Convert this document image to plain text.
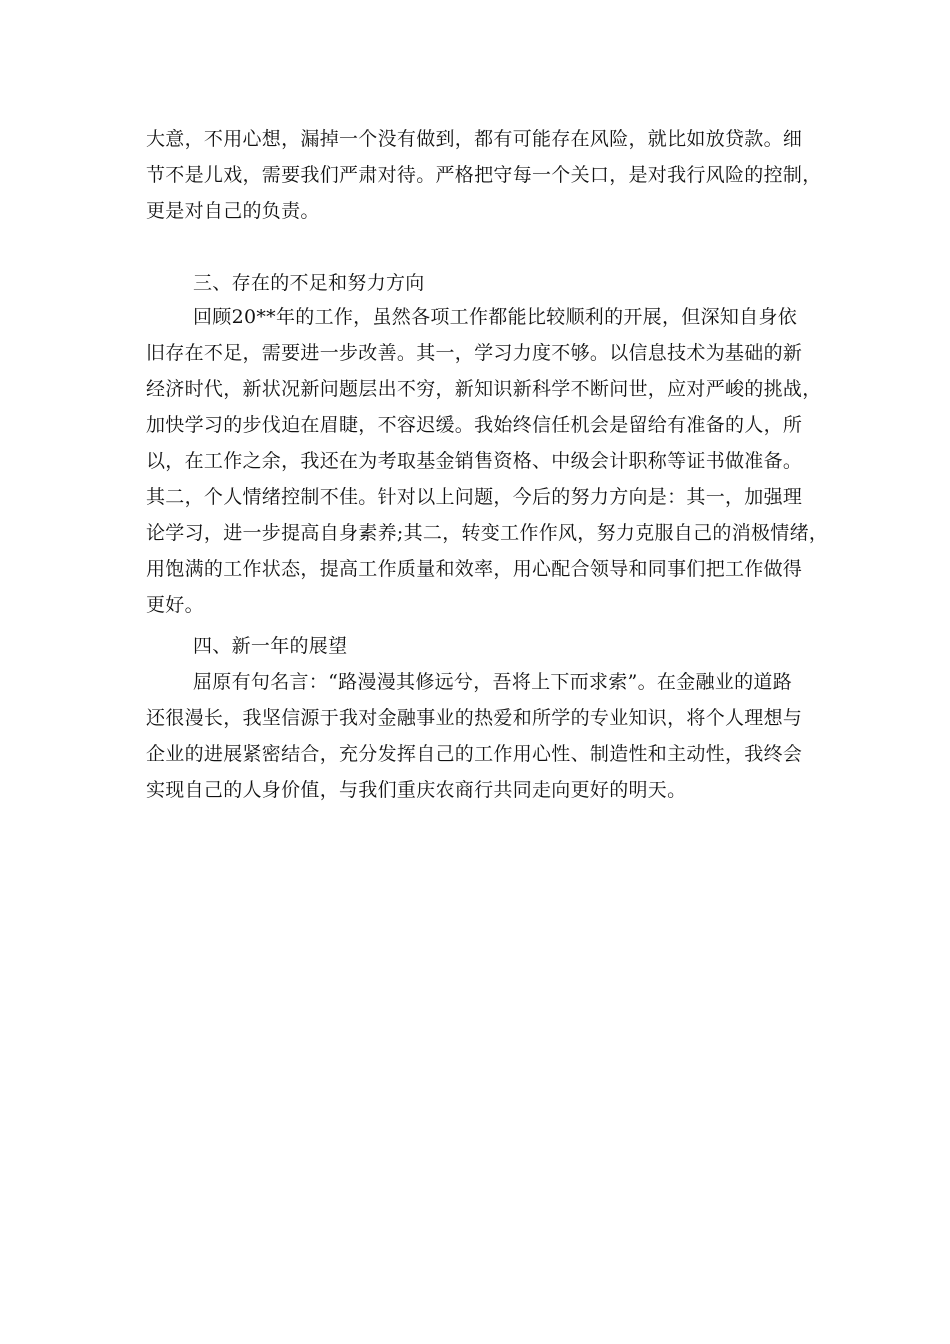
大意，不用心想，漏掉一个没有做到，都有可能存在风险，就比如放贷款。细
节不是儿戏，需要我们严肃对待。严格把守每一个关口，是对我行风险的控制，
更是对自己的负责。
三、存在的不足和努力方向
回顾20**年的工作，虽然各项工作都能比较顺利的开展，但深知自身依
旧存在不足，需要进一步改善。其一，学习力度不够。以信息技术为基础的新
经济时代，新状况新问题层出不穷，新知识新科学不断问世，应对严峻的挑战，
加快学习的步伐迫在眉睫，不容迟缓。我始终信任机会是留给有准备的人，所
以，在工作之余，我还在为考取基金销售资格、中级会计职称等证书做准备。
其二，个人情绪控制不佳。针对以上问题，今后的努力方向是：其一，加强理
论学习，进一步提高自身素养;其二，转变工作作风，努力克服自己的消极情绪，
用饱满的工作状态，提高工作质量和效率，用心配合领导和同事们把工作做得
更好。
四、新一年的展望
屈原有句名言：“路漫漫其修远兮，吾将上下而求索”。在金融业的道路
还很漫长，我坚信源于我对金融事业的热爱和所学的专业知识，将个人理想与
企业的进展紧密结合，充分发挥自己的工作用心性、制造性和主动性，我终会
实现自己的人身价值，与我们重庆农商行共同走向更好的明天。
